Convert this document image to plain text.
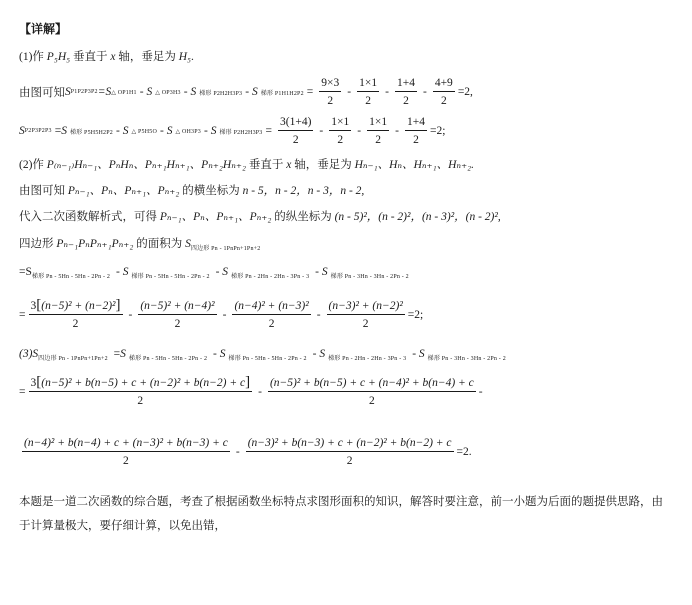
【详解】
(1)作 P₅H₅ 垂直于 x 轴，垂足为 H₅.
由图可知 S P1P2P3P2 =S △ OP1H1 - S △ OP3H3 - S 梯形 P2H2H3P3 - S 梯形 $P1H1H2P2 = \frac{9\times 3}{2} - \frac{1\times 1}{2} - \frac{1+4}{2} - \frac{4+9}{2} =2$,
S P2P3P2P3 =S 梯形 P5H5H2P2 - S △ P5H5O - S △ OH3P3 - S 梯形 $P2H2H3P3 = \frac{3(1+4)}{2} - \frac{1\times 1}{2} - \frac{1\times 1}{2} - \frac{1+4}{2} =2$;
(2)作 P₍ₙ₋₁₎Hₙ₋₁、PₙHₙ、Pₙ₊₁Hₙ₊₁、Pₙ₊₂Hₙ₊₂ 垂直于 x 轴，垂足为 Hₙ₋₁、Hₙ、Hₙ₊₁、Hₙ₊₂.
由图可知 Pₙ₋₁、Pₙ、Pₙ₊₁、Pₙ₊₂ 的横坐标为 n - 5，n - 2，n - 3，n - 2,
代入二次函数解析式，可得 Pₙ₋₁、Pₙ、Pₙ₊₁、Pₙ₊₂ 的纵坐标为 (n - 5)²，(n - 2)²，(n - 3)²，(n - 2)²,
四边形 Pₙ₋₁PₙPₙ₊₁Pₙ₊₂ 的面积为 $S_{四边形 Pn - 1PnPn+1Pn+2}$
$=S_{梯形 Pn - 5Hn - 5Hn - 2Pn - 2} - S$ $_{梯形 Pn - 5Hn - 5Hn - 2Pn - 2}$ - S $_{梯形 Pn - 2Hn - 2Hn - 3Pn - 3}$ - S $_{梯形 Pn - 3Hn - 3Hn - 2Pn - 2}$
= $\frac{\text{3[(n−5)² + (n−2)²]}}{2} - \frac{\text{(n−5)² + (n−4)²}}{2} - \frac{\text{(n−4)² + (n−3)²}}{2} - \frac{\text{(n−3)² + (n−2)²}}{2} =2$;
$(3)S_{四边形 Pn - 1PnPn+1Pn+2} =S$ $_{梯形 Pn - 5Hn - 5Hn - 2Pn - 2}$ - S $_{梯形 Pn - 5Hn - 5Hn - 2Pn - 2}$ - S $_{梯形 Pn - 2Hn - 2Hn - 3Pn - 3}$ - S $_{梯形 Pn - 3Hn - 3Hn - 2Pn - 2}$
= $\frac{\text{3[(n−5)² + b(n−5) + c + (n−2)² + b(n−2) + c]}}{2} - \frac{\text{(n−5)² + b(n−5) + c + (n−4)² + b(n−4) + c}}{2}$ -
$\frac{\text{(n−4)² + b(n−4) + c + (n−3)² + b(n−3) + c}}{2} - \frac{\text{(n−3)² + b(n−3) + c + (n−2)² + b(n−2) + c}}{2} =2$.
本题是一道二次函数的综合题，考查了根据函数坐标特点求图形面积的知识，解答时要注意，前一小题为后面的题提供思路，由于计算量极大，要仔细计算，以免出错，
